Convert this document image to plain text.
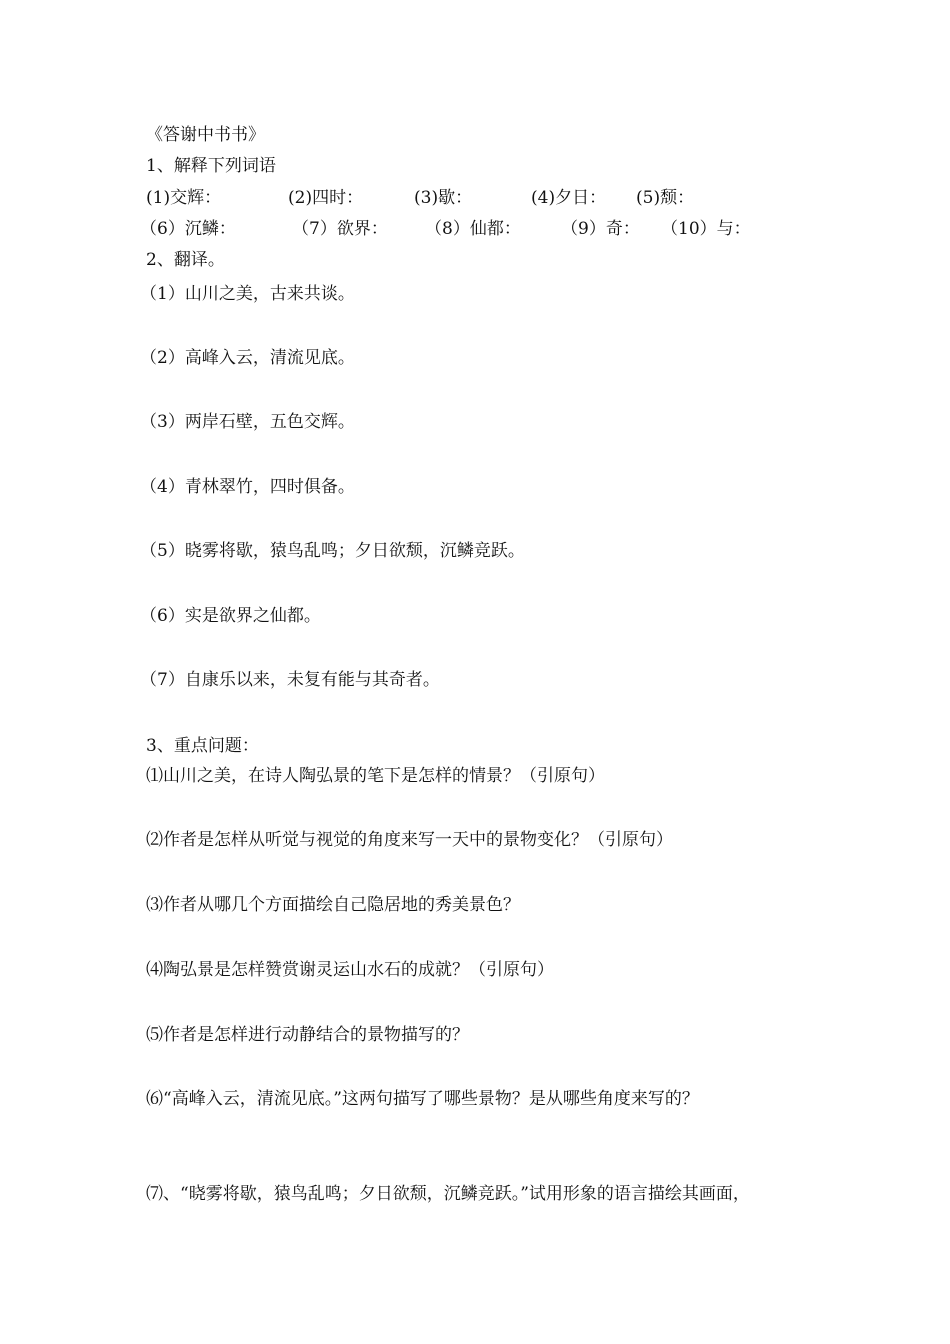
《答谢中书书》
1、解释下列词语
(1)交辉：	(2)四时：	(3)歇：	(4)夕日： (5)颓：
（6）沉鳞：	（7）欲界： （8）仙都： （9）奇： （10）与：
2、翻译。
（1）山川之美，古来共谈。
（2）高峰入云，清流见底。
（3）两岸石壁，五色交辉。
（4）青林翠竹，四时俱备。
（5）晓雾将歇，猿鸟乱鸣；夕日欲颓，沉鳞竞跃。
（6）实是欲界之仙都。
（7）自康乐以来，未复有能与其奇者。
3、重点问题：
⑴山川之美，在诗人陶弘景的笔下是怎样的情景？（引原句）
⑵作者是怎样从听觉与视觉的角度来写一天中的景物变化？（引原句）
⑶作者从哪几个方面描绘自己隐居地的秀美景色？
⑷陶弘景是怎样赞赏谢灵运山水石的成就？（引原句）
⑸作者是怎样进行动静结合的景物描写的？
⑹“高峰入云，清流见底。”这两句描写了哪些景物？是从哪些角度来写的？
⑺、“晓雾将歇，猿鸟乱鸣；夕日欲颓，沉鳞竞跃。”试用形象的语言描绘其画面，
